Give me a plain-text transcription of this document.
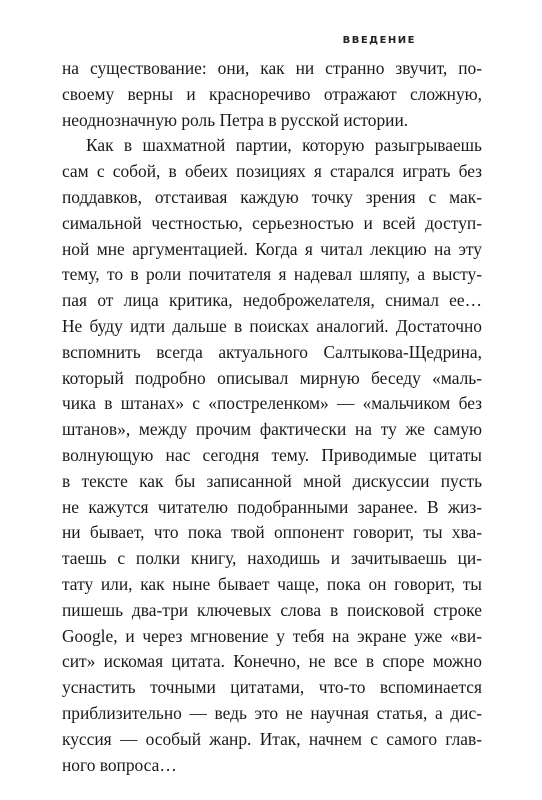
ВВЕДЕНИЕ
на существование: они, как ни странно звучит, по-
своему верны и красноречиво отражают сложную,
неоднозначную роль Петра в русской истории.
Как в шахматной партии, которую разыгрываешь
сам с собой, в обеих позициях я старался играть без
поддавков, отстаивая каждую точку зрения с мак-
симальной честностью, серьезностью и всей доступ-
ной мне аргументацией. Когда я читал лекцию на эту
тему, то в роли почитателя я надевал шляпу, а высту-
пая от лица критика, недоброжелателя, снимал ее…
Не буду идти дальше в поисках аналогий. Достаточно
вспомнить всегда актуального Салтыкова-Щедрина,
который подробно описывал мирную беседу «маль-
чика в штанах» с «постреленком» — «мальчиком без
штанов», между прочим фактически на ту же самую
волнующую нас сегодня тему. Приводимые цитаты
в тексте как бы записанной мной дискуссии пусть
не кажутся читателю подобранными заранее. В жиз-
ни бывает, что пока твой оппонент говорит, ты хва-
таешь с полки книгу, находишь и зачитываешь ци-
тату или, как ныне бывает чаще, пока он говорит, ты
пишешь два-три ключевых слова в поисковой строке
Google, и через мгновение у тебя на экране уже «ви-
сит» искомая цитата. Конечно, не все в споре можно
уснастить точными цитатами, что-то вспоминается
приблизительно — ведь это не научная статья, а дис-
куссия — особый жанр. Итак, начнем с самого глав-
ного вопроса…
